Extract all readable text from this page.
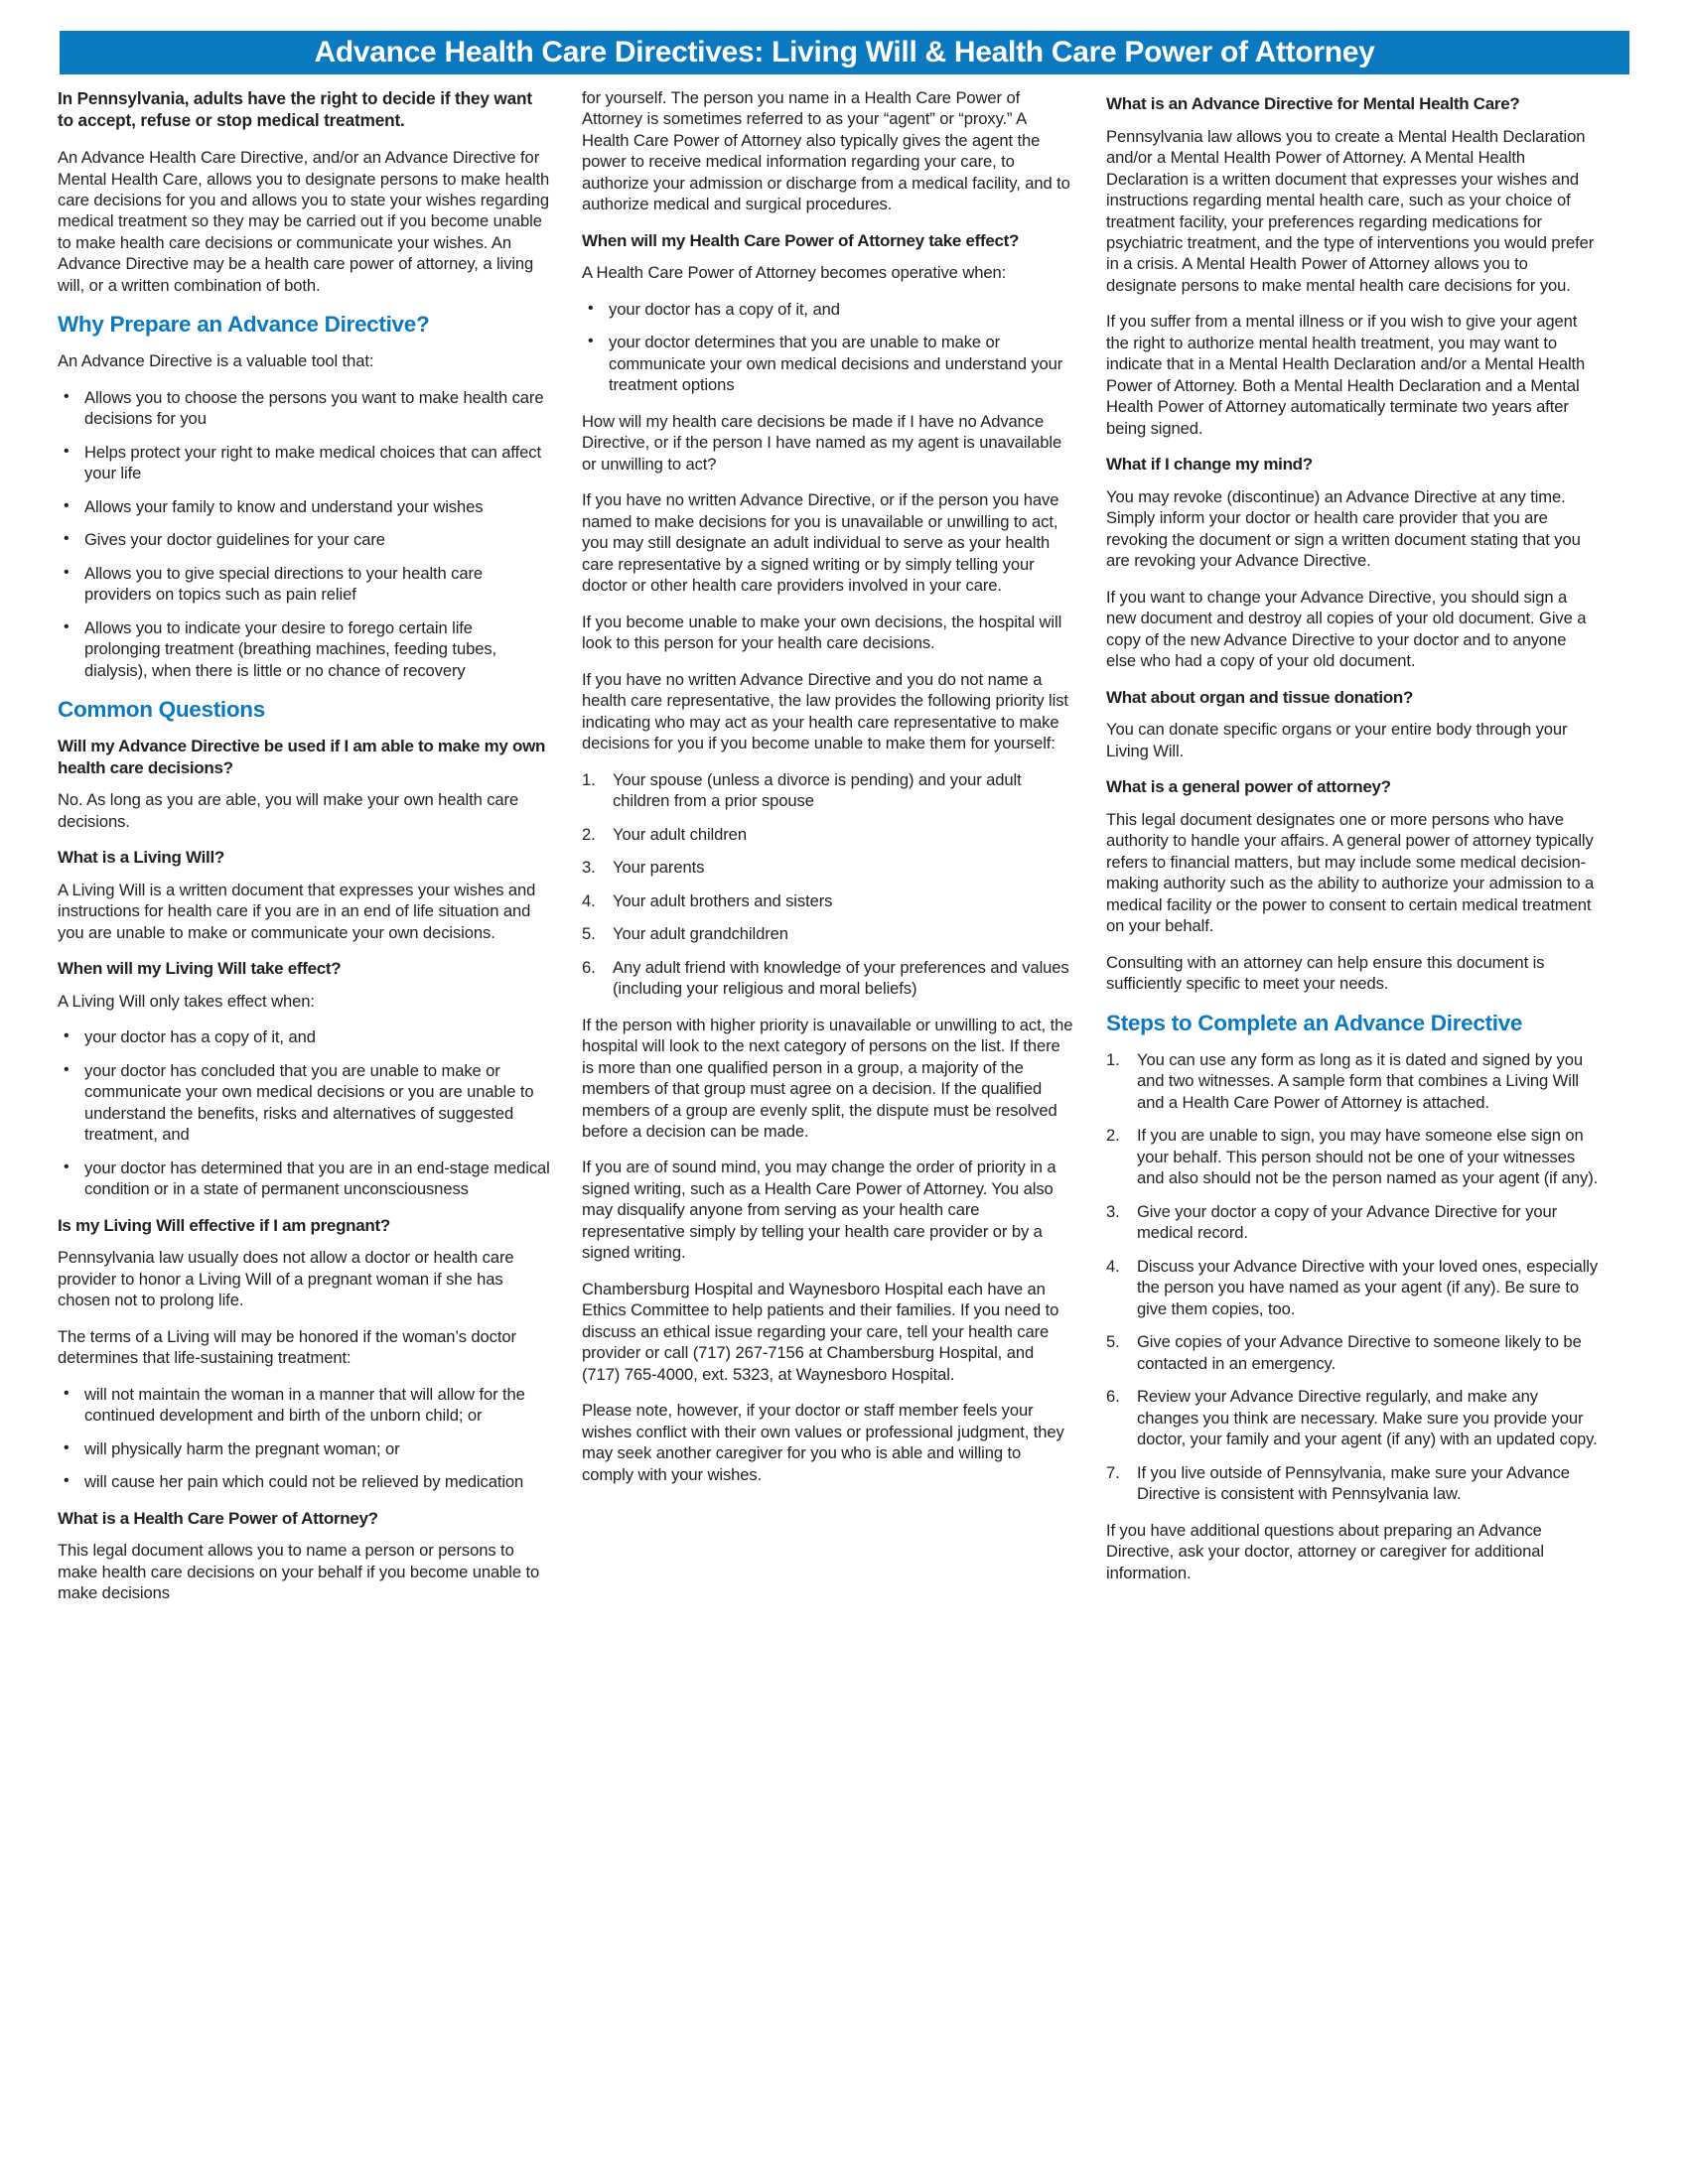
Advance Health Care Directives: Living Will & Health Care Power of Attorney

In Pennsylvania, adults have the right to decide if they want to accept, refuse or stop medical treatment.

An Advance Health Care Directive, and/or an Advance Directive for Mental Health Care, allows you to designate persons to make health care decisions for you and allows you to state your wishes regarding medical treatment so they may be carried out if you become unable to make health care decisions or communicate your wishes. An Advance Directive may be a health care power of attorney, a living will, or a written combination of both.

Why Prepare an Advance Directive?

An Advance Directive is a valuable tool that:

• Allows you to choose the persons you want to make health care decisions for you
• Helps protect your right to make medical choices that can affect your life
• Allows your family to know and understand your wishes
• Gives your doctor guidelines for your care
• Allows you to give special directions to your health care providers on topics such as pain relief
• Allows you to indicate your desire to forego certain life prolonging treatment (breathing machines, feeding tubes, dialysis), when there is little or no chance of recovery
Common Questions
Will my Advance Directive be used if I am able to make my own health care decisions?

No. As long as you are able, you will make your own health care decisions.

What is a Living Will?

A Living Will is a written document that expresses your wishes and instructions for health care if you are in an end of life situation and you are unable to make or communicate your own decisions.

When will my Living Will take effect?

A Living Will only takes effect when:

• your doctor has a copy of it, and
• your doctor has concluded that you are unable to make or communicate your own medical decisions or you are unable to understand the benefits, risks and alternatives of suggested treatment, and
• your doctor has determined that you are in an end-stage medical condition or in a state of permanent unconsciousness
Is my Living Will effective if I am pregnant?

Pennsylvania law usually does not allow a doctor or health care provider to honor a Living Will of a pregnant woman if she has chosen not to prolong life.

The terms of a Living will may be honored if the woman’s doctor determines that life-sustaining treatment:

• will not maintain the woman in a manner that will allow for the continued development and birth of the unborn child; or
• will physically harm the pregnant woman; or
• will cause her pain which could not be relieved by medication
What is a Health Care Power of Attorney?

This legal document allows you to name a person or persons to make health care decisions on your behalf if you become unable to make decisions

for yourself. The person you name in a Health Care Power of Attorney is sometimes referred to as your “agent” or “proxy.” A Health Care Power of Attorney also typically gives the agent the power to receive medical information regarding your care, to authorize your admission or discharge from a medical facility, and to authorize medical and surgical procedures.

When will my Health Care Power of Attorney take effect?

A Health Care Power of Attorney becomes operative when:

• your doctor has a copy of it, and
• your doctor determines that you are unable to make or communicate your own medical decisions and understand your treatment options

How will my health care decisions be made if I have no Advance Directive, or if the person I have named as my agent is unavailable or unwilling to act?

If you have no written Advance Directive, or if the person you have named to make decisions for you is unavailable or unwilling to act, you may still designate an adult individual to serve as your health care representative by a signed writing or by simply telling your doctor or other health care providers involved in your care.

If you become unable to make your own decisions, the hospital will look to this person for your health care decisions.

If you have no written Advance Directive and you do not name a health care representative, the law provides the following priority list indicating who may act as your health care representative to make decisions for you if you become unable to make them for yourself:

Your spouse (unless a divorce is pending) and your adult children from a prior spouse
Your adult children
Your parents
Your adult brothers and sisters
Your adult grandchildren
Any adult friend with knowledge of your preferences and values (including your religious and moral beliefs)

If the person with higher priority is unavailable or unwilling to act, the hospital will look to the next category of persons on the list. If there is more than one qualified person in a group, a majority of the members of that group must agree on a decision. If the qualified members of a group are evenly split, the dispute must be resolved before a decision can be made.

If you are of sound mind, you may change the order of priority in a signed writing, such as a Health Care Power of Attorney. You also may disqualify anyone from serving as your health care representative simply by telling your health care provider or by a signed writing.

Chambersburg Hospital and Waynesboro Hospital each have an Ethics Committee to help patients and their families. If you need to discuss an ethical issue regarding your care, tell your health care provider or call (717) 267-7156 at Chambersburg Hospital, and (717) 765-4000, ext. 5323, at Waynesboro Hospital.

Please note, however, if your doctor or staff member feels your wishes conflict with their own values or professional judgment, they may seek another caregiver for you who is able and willing to comply with your wishes.

What is an Advance Directive for Mental Health Care?

Pennsylvania law allows you to create a Mental Health Declaration and/or a Mental Health Power of Attorney. A Mental Health Declaration is a written document that expresses your wishes and instructions regarding mental health care, such as your choice of treatment facility, your preferences regarding medications for psychiatric treatment, and the type of interventions you would prefer in a crisis. A Mental Health Power of Attorney allows you to designate persons to make mental health care decisions for you.

If you suffer from a mental illness or if you wish to give your agent the right to authorize mental health treatment, you may want to indicate that in a Mental Health Declaration and/or a Mental Health Power of Attorney. Both a Mental Health Declaration and a Mental Health Power of Attorney automatically terminate two years after being signed.

What if I change my mind?

You may revoke (discontinue) an Advance Directive at any time. Simply inform your doctor or health care provider that you are revoking the document or sign a written document stating that you are revoking your Advance Directive.

If you want to change your Advance Directive, you should sign a new document and destroy all copies of your old document. Give a copy of the new Advance Directive to your doctor and to anyone else who had a copy of your old document.

What about organ and tissue donation?

You can donate specific organs or your entire body through your Living Will.

What is a general power of attorney?

This legal document designates one or more persons who have authority to handle your affairs. A general power of attorney typically refers to financial matters, but may include some medical decision-making authority such as the ability to authorize your admission to a medical facility or the power to consent to certain medical treatment on your behalf.

Consulting with an attorney can help ensure this document is sufficiently specific to meet your needs.

Steps to Complete an Advance Directive
You can use any form as long as it is dated and signed by you and two witnesses. A sample form that combines a Living Will and a Health Care Power of Attorney is attached.
If you are unable to sign, you may have someone else sign on your behalf. This person should not be one of your witnesses and also should not be the person named as your agent (if any).
Give your doctor a copy of your Advance Directive for your medical record.
Discuss your Advance Directive with your loved ones, especially the person you have named as your agent (if any). Be sure to give them copies, too.
Give copies of your Advance Directive to someone likely to be contacted in an emergency.
Review your Advance Directive regularly, and make any changes you think are necessary. Make sure you provide your doctor, your family and your agent (if any) with an updated copy.
If you live outside of Pennsylvania, make sure your Advance Directive is consistent with Pennsylvania law.

If you have additional questions about preparing an Advance Directive, ask your doctor, attorney or caregiver for additional information.
